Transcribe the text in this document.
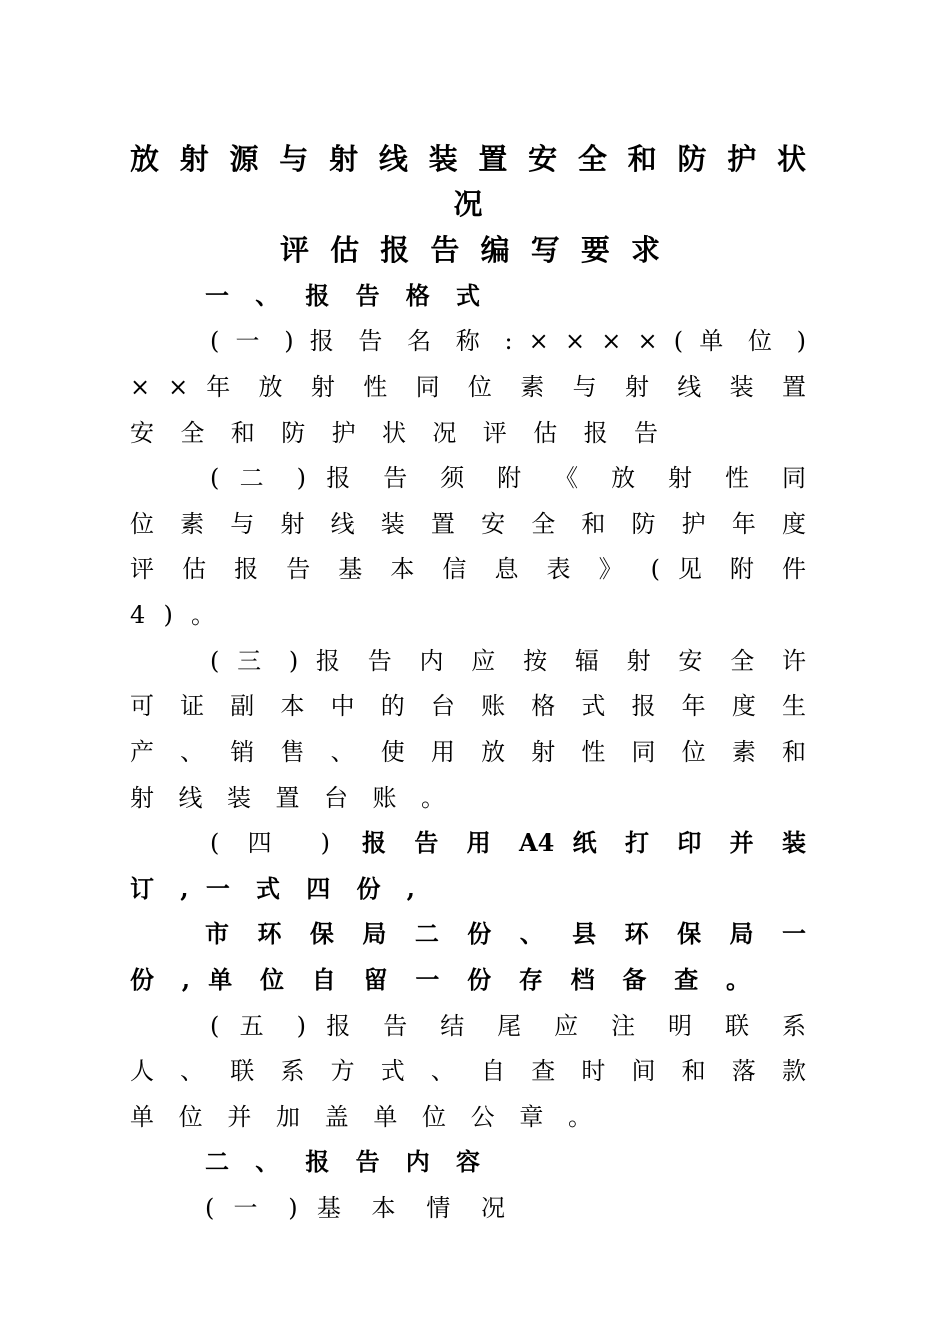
放 射 源 与 射 线 装 置 安 全 和 防 护 状
况
评 估 报 告 编 写 要 求
一 、 报 告 格 式
( 一 ) 报 告 名 称 : × × × × ( 单 位 )
× × 年 放 射 性 同 位 素 与 射 线 装 置
安 全 和 防 护 状 况 评 估 报 告
( 二 ) 报 告 须 附 《 放 射 性 同
位 素 与 射 线 装 置 安 全 和 防 护 年 度
评 估 报 告 基 本 信 息 表 》 ( 见 附 件
4 ) 。
( 三 ) 报 告 内 应 按 辐 射 安 全 许
可 证 副 本 中 的 台 账 格 式 报 年 度 生
产 、 销 售 、 使 用 放 射 性 同 位 素 和
射 线 装 置 台 账 。
( 四 ) 报 告 用 A4 纸 打 印 并 装
订 , 一 式 四 份 ,
市 环 保 局 二 份 、 县 环 保 局 一
份 , 单 位 自 留 一 份 存 档 备 查 。
( 五 ) 报 告 结 尾 应 注 明 联 系
人 、 联 系 方 式 、 自 查 时 间 和 落 款
单 位 并 加 盖 单 位 公 章 。
二 、 报 告 内 容
( 一 ) 基 本 情 况
